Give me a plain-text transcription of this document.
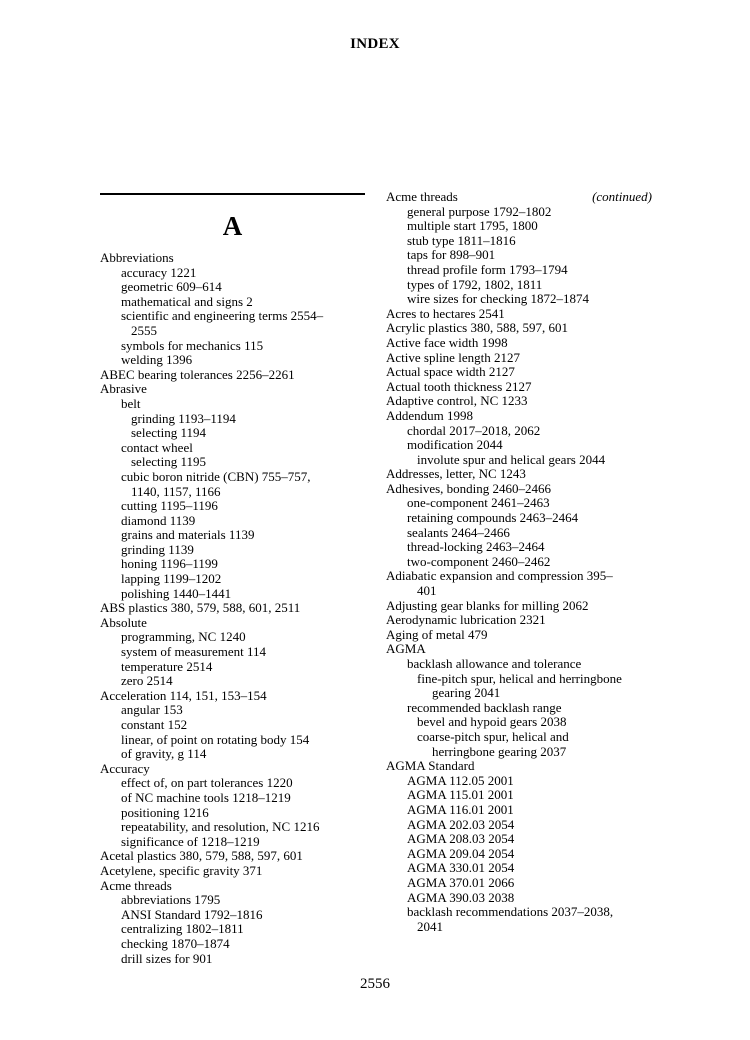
INDEX
A
Abbreviations
accuracy 1221
geometric 609–614
mathematical and signs 2
scientific and engineering terms 2554–
2555
symbols for mechanics 115
welding 1396
ABEC bearing tolerances 2256–2261
Abrasive
belt
grinding 1193–1194
selecting 1194
contact wheel
selecting 1195
cubic boron nitride (CBN) 755–757,
1140, 1157, 1166
cutting 1195–1196
diamond 1139
grains and materials 1139
grinding 1139
honing 1196–1199
lapping 1199–1202
polishing 1440–1441
ABS plastics 380, 579, 588, 601, 2511
Absolute
programming, NC 1240
system of measurement 114
temperature 2514
zero 2514
Acceleration 114, 151, 153–154
angular 153
constant 152
linear, of point on rotating body 154
of gravity, g 114
Accuracy
effect of, on part tolerances 1220
of NC machine tools 1218–1219
positioning 1216
repeatability, and resolution, NC 1216
significance of 1218–1219
Acetal plastics 380, 579, 588, 597, 601
Acetylene, specific gravity 371
Acme threads
abbreviations 1795
ANSI Standard 1792–1816
centralizing 1802–1811
checking 1870–1874
drill sizes for 901
Acme threads	(continued)
general purpose 1792–1802
multiple start 1795, 1800
stub type 1811–1816
taps for 898–901
thread profile form 1793–1794
types of 1792, 1802, 1811
wire sizes for checking 1872–1874
Acres to hectares 2541
Acrylic plastics 380, 588, 597, 601
Active face width 1998
Active spline length 2127
Actual space width 2127
Actual tooth thickness 2127
Adaptive control, NC 1233
Addendum 1998
chordal 2017–2018, 2062
modification 2044
involute spur and helical gears 2044
Addresses, letter, NC 1243
Adhesives, bonding 2460–2466
one-component 2461–2463
retaining compounds 2463–2464
sealants 2464–2466
thread-locking 2463–2464
two-component 2460–2462
Adiabatic expansion and compression 395–
401
Adjusting gear blanks for milling 2062
Aerodynamic lubrication 2321
Aging of metal 479
AGMA
backlash allowance and tolerance
fine-pitch spur, helical and herringbone
gearing 2041
recommended backlash range
bevel and hypoid gears 2038
coarse-pitch spur, helical and
herringbone gearing 2037
AGMA Standard
AGMA 112.05 2001
AGMA 115.01 2001
AGMA 116.01 2001
AGMA 202.03 2054
AGMA 208.03 2054
AGMA 209.04 2054
AGMA 330.01 2054
AGMA 370.01 2066
AGMA 390.03 2038
backlash recommendations 2037–2038,
2041
2556
